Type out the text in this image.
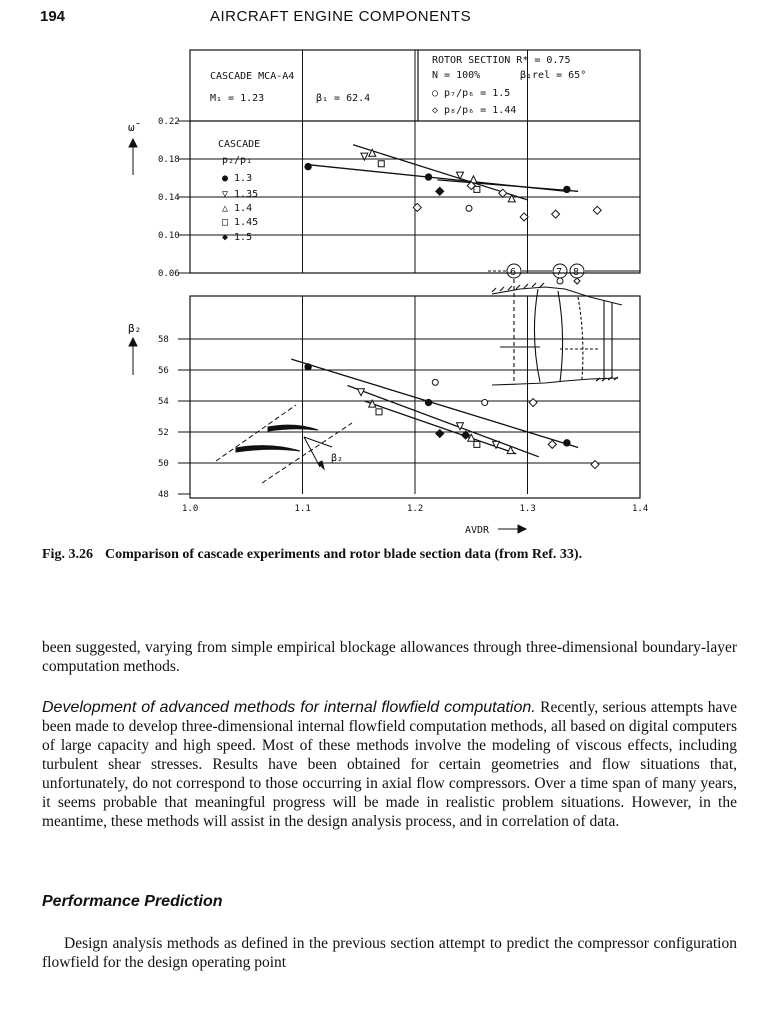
194	AIRCRAFT ENGINE COMPONENTS
CASCADE MCA-A4
M₁ = 1.23	β₁ = 62.4
ROTOR SECTION R* = 0.75
N = 100%	β₁rel = 65°
○ p₇/p₆ = 1.5
◇ p₈/p₆ = 1.44
CASCADE
p₂/p₁
● 1.3
▽ 1.35
△ 1.4
□ 1.45
◆ 1.5
ω̄
β₂
0.06
0.10
0.14
0.18
0.22
1.0	1.1	1.2	1.3	1.4
48
50
52
54
56
58
AVDR
6	7 8
β₂
Fig. 3.26 Comparison of cascade experiments and rotor blade section data (from Ref. 33).

been suggested, varying from simple empirical blockage allowances through three-dimensional boundary-layer computation methods.

Development of advanced methods for internal flowfield computation. Recently, serious attempts have been made to develop three-dimensional internal flowfield computation methods, all based on digital computers of large capacity and high speed. Most of these methods involve the modeling of viscous effects, including turbulent shear stresses. Results have been obtained for certain geometries and flow situations that, unfortunately, do not correspond to those occurring in axial flow compressors. Over a time span of many years, it seems probable that meaningful progress will be made in realistic problem situations. However, in the meantime, these methods will assist in the design analysis process, and in correlation of data.

Performance Prediction

Design analysis methods as defined in the previous section attempt to predict the compressor configuration flowfield for the design operating point
